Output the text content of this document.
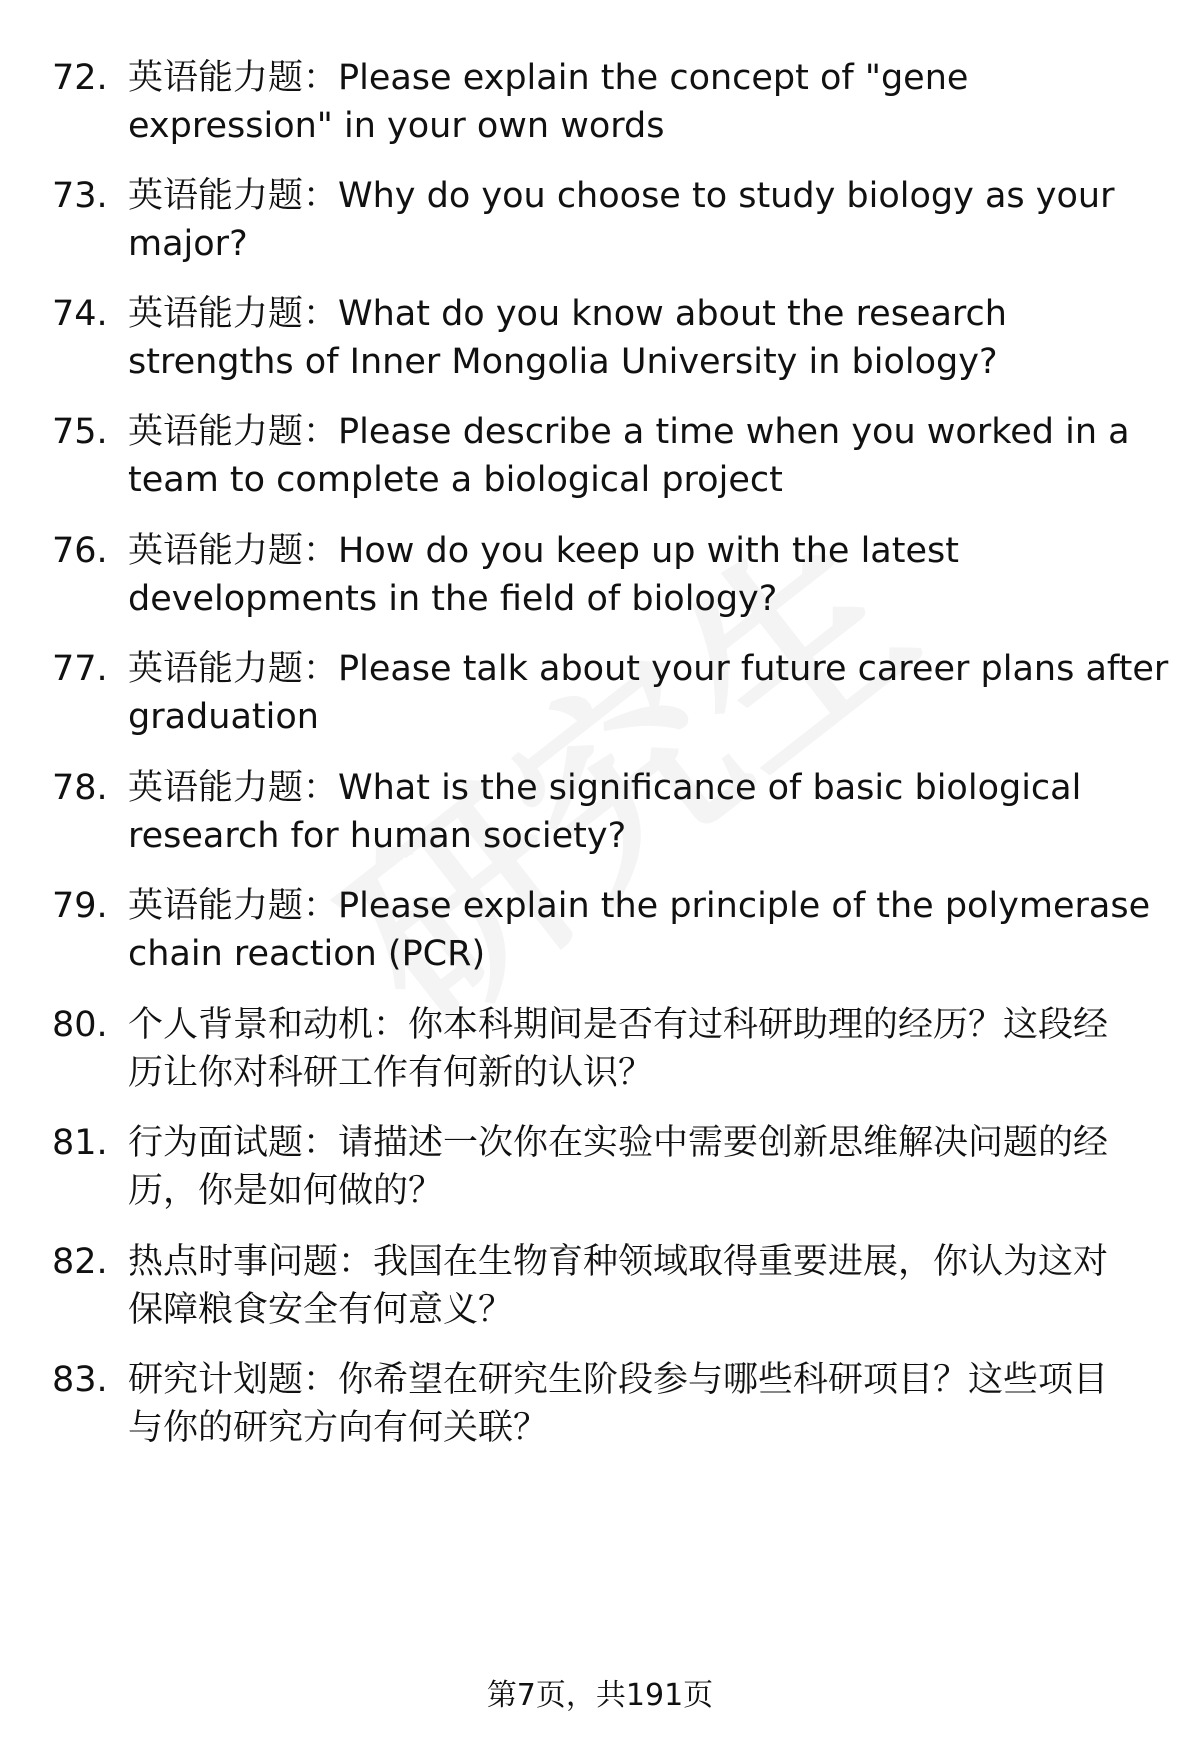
72. 英语能力题：Please explain the concept of "gene
expression" in your own words
73. 英语能力题：Why do you choose to study biology as your
major?
74. 英语能力题：What do you know about the research
strengths of Inner Mongolia University in biology?
75. 英语能力题：Please describe a time when you worked in a
team to complete a biological project
76. 英语能力题：How do you keep up with the latest
developments in the field of biology?
77. 英语能力题：Please talk about your future career plans after
graduation
78. 英语能力题：What is the significance of basic biological
research for human society?
79. 英语能力题：Please explain the principle of the polymerase
chain reaction (PCR)
80. 个人背景和动机：你本科期间是否有过科研助理的经历？这段经
历让你对科研工作有何新的认识？
81. 行为面试题：请描述一次你在实验中需要创新思维解决问题的经
历，你是如何做的？
82. 热点时事问题：我国在生物育种领域取得重要进展，你认为这对
保障粮食安全有何意义？
83. 研究计划题：你希望在研究生阶段参与哪些科研项目？这些项目
与你的研究方向有何关联？
第7页，共191页
